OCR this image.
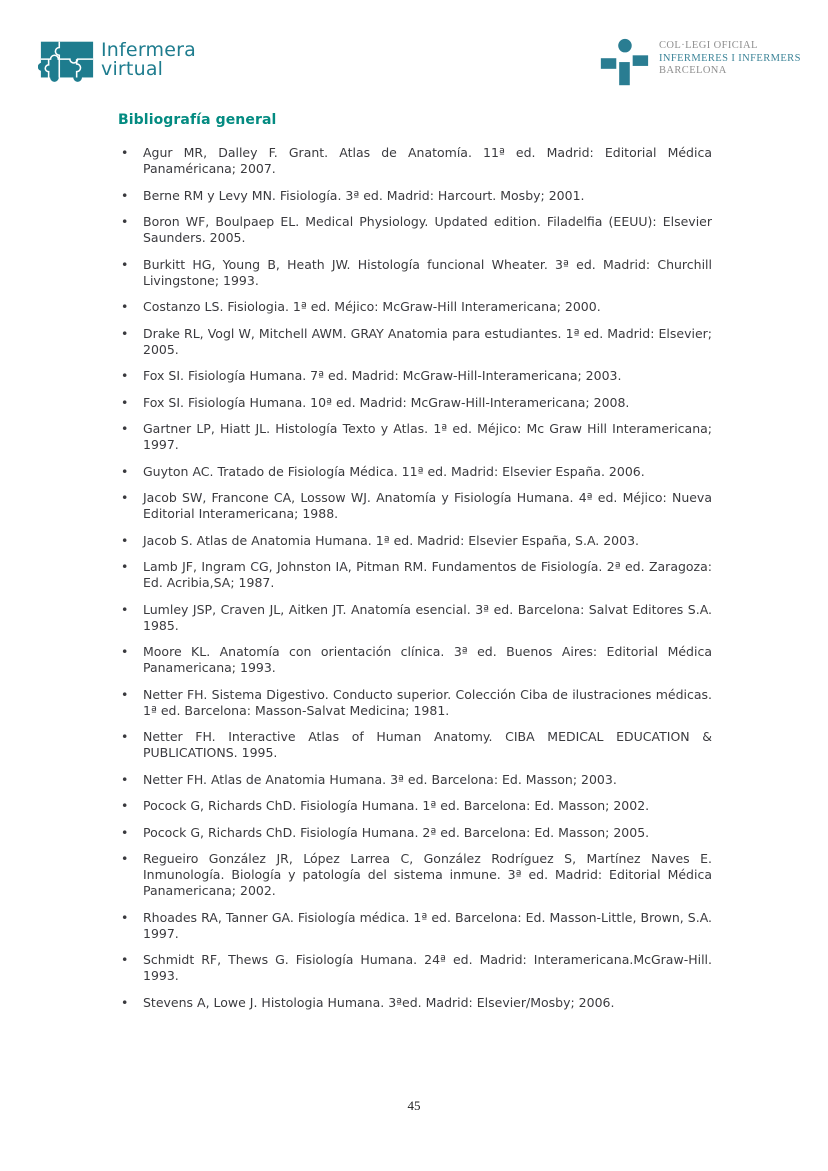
Infermera
virtual
COL·LEGI OFICIAL
INFERMERES I INFERMERS
BARCELONA
Bibliografía general
• Agur MR, Dalley F. Grant. Atlas de Anatomía. 11ª ed. Madrid: Editorial Médica Panaméricana; 2007.
• Berne RM y Levy MN. Fisiología. 3ª ed. Madrid: Harcourt. Mosby; 2001.
• Boron WF, Boulpaep EL. Medical Physiology. Updated edition. Filadelfia (EEUU): Elsevier Saunders. 2005.
• Burkitt HG, Young B, Heath JW. Histología funcional Wheater. 3ª ed. Madrid: Churchill Livingstone; 1993.
• Costanzo LS. Fisiologia. 1ª ed. Méjico: McGraw-Hill Interamericana; 2000.
• Drake RL, Vogl W, Mitchell AWM. GRAY Anatomia para estudiantes. 1ª ed. Madrid: Elsevier; 2005.
• Fox SI. Fisiología Humana. 7ª ed. Madrid: McGraw-Hill-Interamericana; 2003.
• Fox SI. Fisiología Humana. 10ª ed. Madrid: McGraw-Hill-Interamericana; 2008.
• Gartner LP, Hiatt JL. Histología Texto y Atlas. 1ª ed. Méjico: Mc Graw Hill Interamericana; 1997.
• Guyton AC. Tratado de Fisiología Médica. 11ª ed. Madrid: Elsevier España. 2006.
• Jacob SW, Francone CA, Lossow WJ. Anatomía y Fisiología Humana. 4ª ed. Méjico: Nueva Editorial Interamericana; 1988.
• Jacob S. Atlas de Anatomia Humana. 1ª ed. Madrid: Elsevier España, S.A. 2003.
• Lamb JF, Ingram CG, Johnston IA, Pitman RM. Fundamentos de Fisiología. 2ª ed. Zaragoza: Ed. Acribia,SA; 1987.
• Lumley JSP, Craven JL, Aitken JT. Anatomía esencial. 3ª ed. Barcelona: Salvat Editores S.A. 1985.
• Moore KL. Anatomía con orientación clínica. 3ª ed. Buenos Aires: Editorial Médica Panamericana; 1993.
• Netter FH. Sistema Digestivo. Conducto superior. Colección Ciba de ilustraciones médicas. 1ª ed. Barcelona: Masson-Salvat Medicina; 1981.
• Netter FH. Interactive Atlas of Human Anatomy. CIBA MEDICAL EDUCATION & PUBLICATIONS. 1995.
• Netter FH. Atlas de Anatomia Humana. 3ª ed. Barcelona: Ed. Masson; 2003.
• Pocock G, Richards ChD. Fisiología Humana. 1ª ed. Barcelona: Ed. Masson; 2002.
• Pocock G, Richards ChD. Fisiología Humana. 2ª ed. Barcelona: Ed. Masson; 2005.
• Regueiro González JR, López Larrea C, González Rodríguez S, Martínez Naves E. Inmunología. Biología y patología del sistema inmune. 3ª ed. Madrid: Editorial Médica Panamericana; 2002.
• Rhoades RA, Tanner GA. Fisiología médica. 1ª ed. Barcelona: Ed. Masson-Little, Brown, S.A. 1997.
• Schmidt RF, Thews G. Fisiología Humana. 24ª ed. Madrid: Interamericana.McGraw-Hill. 1993.
• Stevens A, Lowe J. Histologia Humana. 3ªed. Madrid: Elsevier/Mosby; 2006.
45
